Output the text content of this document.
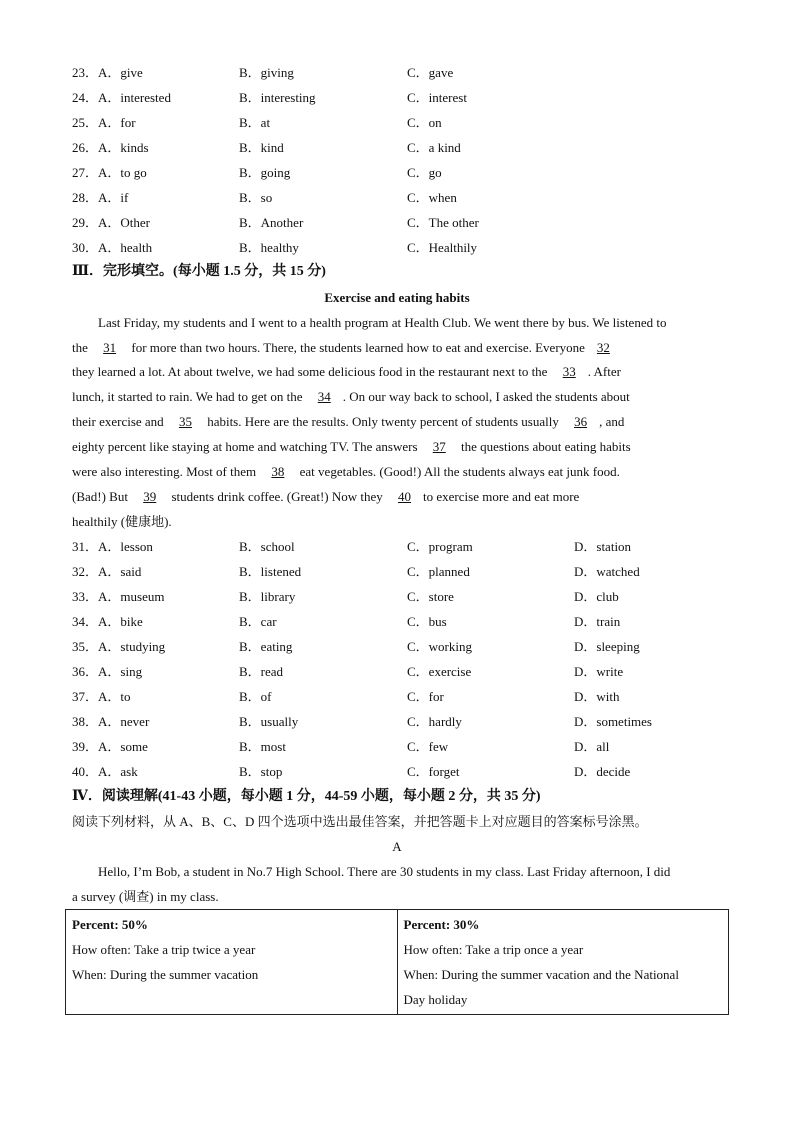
23．A．give	B．giving	C．gave
24．A．interested	B．interesting	C．interest
25．A．for	B．at	C．on
26．A．kinds	B．kind	C．a kind
27．A．to go	B．going	C．go
28．A．if	B．so	C．when
29．A．Other	B．Another	C．The other
30．A．health	B．healthy	C．Healthily
Ⅲ．完形填空。(每小题 1.5 分，共 15 分)
Exercise and eating habits
Last Friday, my students and I went to a health program at Health Club. We went there by bus. We listened to
the 31 for more than two hours. There, the students learned how to eat and exercise. Everyone 32
they learned a lot. At about twelve, we had some delicious food in the restaurant next to the 33 . After
lunch, it started to rain. We had to get on the 34 . On our way back to school, I asked the students about
their exercise and 35 habits. Here are the results. Only twenty percent of students usually 36 , and
eighty percent like staying at home and watching TV. The answers 37 the questions about eating habits
were also interesting. Most of them 38 eat vegetables. (Good!) All the students always eat junk food.
(Bad!) But 39 students drink coffee. (Great!) Now they 40 to exercise more and eat more
healthily (健康地).
31．A．lesson	B．school	C．program	D．station
32．A．said	B．listened	C．planned	D．watched
33．A．museum	B．library	C．store	D．club
34．A．bike	B．car	C．bus	D．train
35．A．studying	B．eating	C．working	D．sleeping
36．A．sing	B．read	C．exercise	D．write
37．A．to	B．of	C．for	D．with
38．A．never	B．usually	C．hardly	D．sometimes
39．A．some	B．most	C．few	D．all
40．A．ask	B．stop	C．forget	D．decide
Ⅳ．阅读理解(41-43 小题，每小题 1 分，44-59 小题，每小题 2 分，共 35 分)
阅读下列材料，从 A、B、C、D 四个选项中选出最佳答案，并把答题卡上对应题目的答案标号涂黑。
A
Hello, I’m Bob, a student in No.7 High School. There are 30 students in my class. Last Friday afternoon, I did
a survey (调查) in my class.
Percent: 50%
How often: Take a trip twice a year
When: During the summer vacation

Percent: 30%
How often: Take a trip once a year
When: During the summer vacation and the National
Day holiday
